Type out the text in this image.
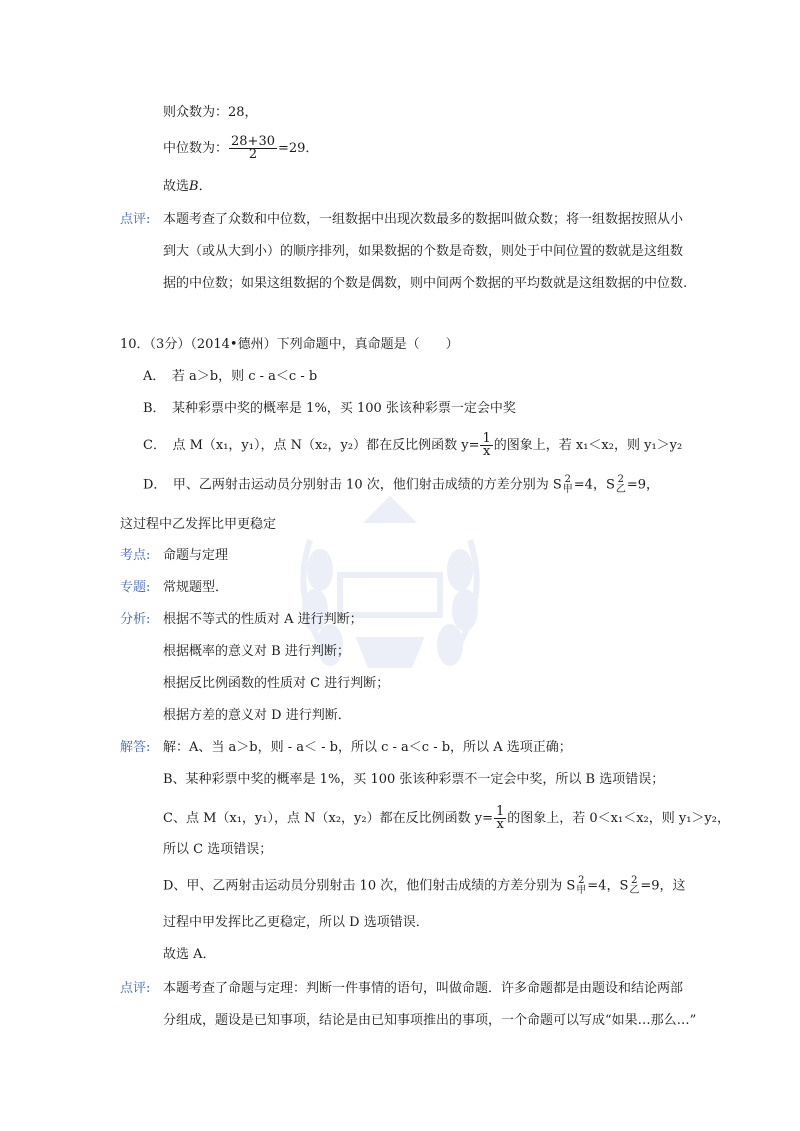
则众数为：28，
中位数为： $\frac{28+30}{2} =29$．
故选B．
点评: 本题考查了众数和中位数，一组数据中出现次数最多的数据叫做众数；将一组数据按照从小
到大（或从大到小）的顺序排列，如果数据的个数是奇数，则处于中间位置的数就是这组数
据的中位数；如果这组数据的个数是偶数，则中间两个数据的平均数就是这组数据的中位数.
10．（3分）（2014•德州）下列命题中，真命题是（　　）
A．　若 a＞b，则 c - a＜c - b
B．　某种彩票中奖的概率是 1%，买 100 张该种彩票一定会中奖
C．　点 M（x₁，y₁），点 N（x₂，y₂）都在反比例函数 $y= \frac{1}{x}$ 的图象上，若 x₁＜x₂，则 y₁＞y₂
D．　甲、乙两射击运动员分别射击 10 次，他们射击成绩的方差分别为 S 2
甲 =4，S 2
乙 =9，
这过程中乙发挥比甲更稳定
考点: 命题与定理
专题: 常规题型．
分析: 根据不等式的性质对 A 进行判断；
根据概率的意义对 B 进行判断；
根据反比例函数的性质对 C 进行判断；
根据方差的意义对 D 进行判断．
解答: 解：A、当 a＞b，则 - a＜ - b，所以 c - a＜c - b，所以 A 选项正确；
B、某种彩票中奖的概率是 1%，买 100 张该种彩票不一定会中奖，所以 B 选项错误；
C、点 M（x₁，y₁），点 N（x₂，y₂）都在反比例函数 $y= \frac{1}{x}$ 的图象上，若 0＜x₁＜x₂，则 y₁＞y₂，
所以 C 选项错误；
D、甲、乙两射击运动员分别射击 10 次，他们射击成绩的方差分别为 S 2
甲 =4，S 2
乙 =9，这
过程中甲发挥比乙更稳定，所以 D 选项错误．
故选 A．
点评: 本题考查了命题与定理：判断一件事情的语句，叫做命题．许多命题都是由题设和结论两部
分组成，题设是已知事项，结论是由已知事项推出的事项，一个命题可以写成“如果…那么…”
